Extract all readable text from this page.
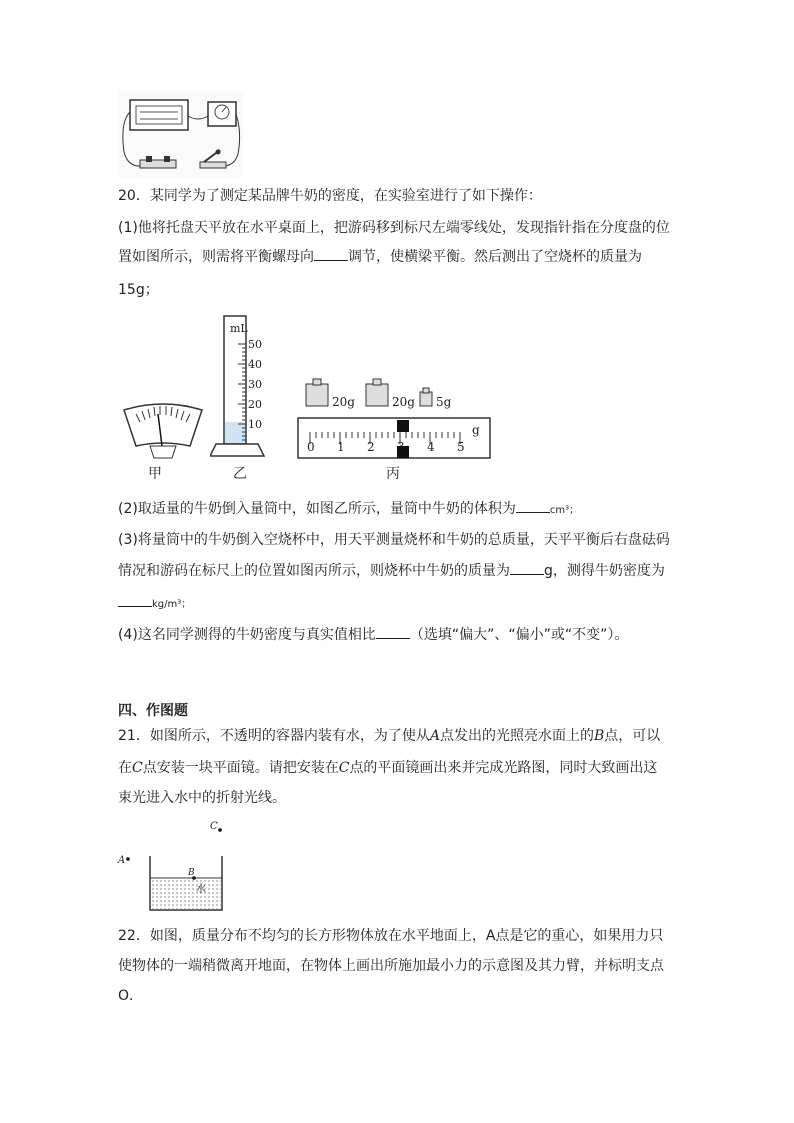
20．某同学为了测定某品牌牛奶的密度，在实验室进行了如下操作：
(1)他将托盘天平放在水平桌面上，把游码移到标尺左端零线处，发现指针指在分度盘的位
置如图所示，则需将平衡螺母向 调节，使横梁平衡。然后测出了空烧杯的质量为
15g；
甲
mL
50
40
30
20
10
乙
20g	20g 5g
0 1 2	4 5
g
丙
(2)取适量的牛奶倒入量筒中，如图乙所示，量筒中牛奶的体积为	cm³；
(3)将量筒中的牛奶倒入空烧杯中，用天平测量烧杯和牛奶的总质量，天平平衡后右盘砝码
情况和游码在标尺上的位置如图丙所示，则烧杯中牛奶的质量为 g，测得牛奶密度为
kg/m³；
(4)这名同学测得的牛奶密度与真实值相比 （选填“偏大”、“偏小”或“不变”）。
四、作图题
21．如图所示，不透明的容器内装有水，为了使从A点发出的光照亮水面上的B点，可以
在C点安装一块平面镜。请把安装在C点的平面镜画出来并完成光路图，同时大致画出这
束光进入水中的折射光线。
C
A
B
水
22．如图，质量分布不均匀的长方形物体放在水平地面上，A点是它的重心，如果用力只
使物体的一端稍微离开地面，在物体上画出所施加最小力的示意图及其力臂，并标明支点
O．
